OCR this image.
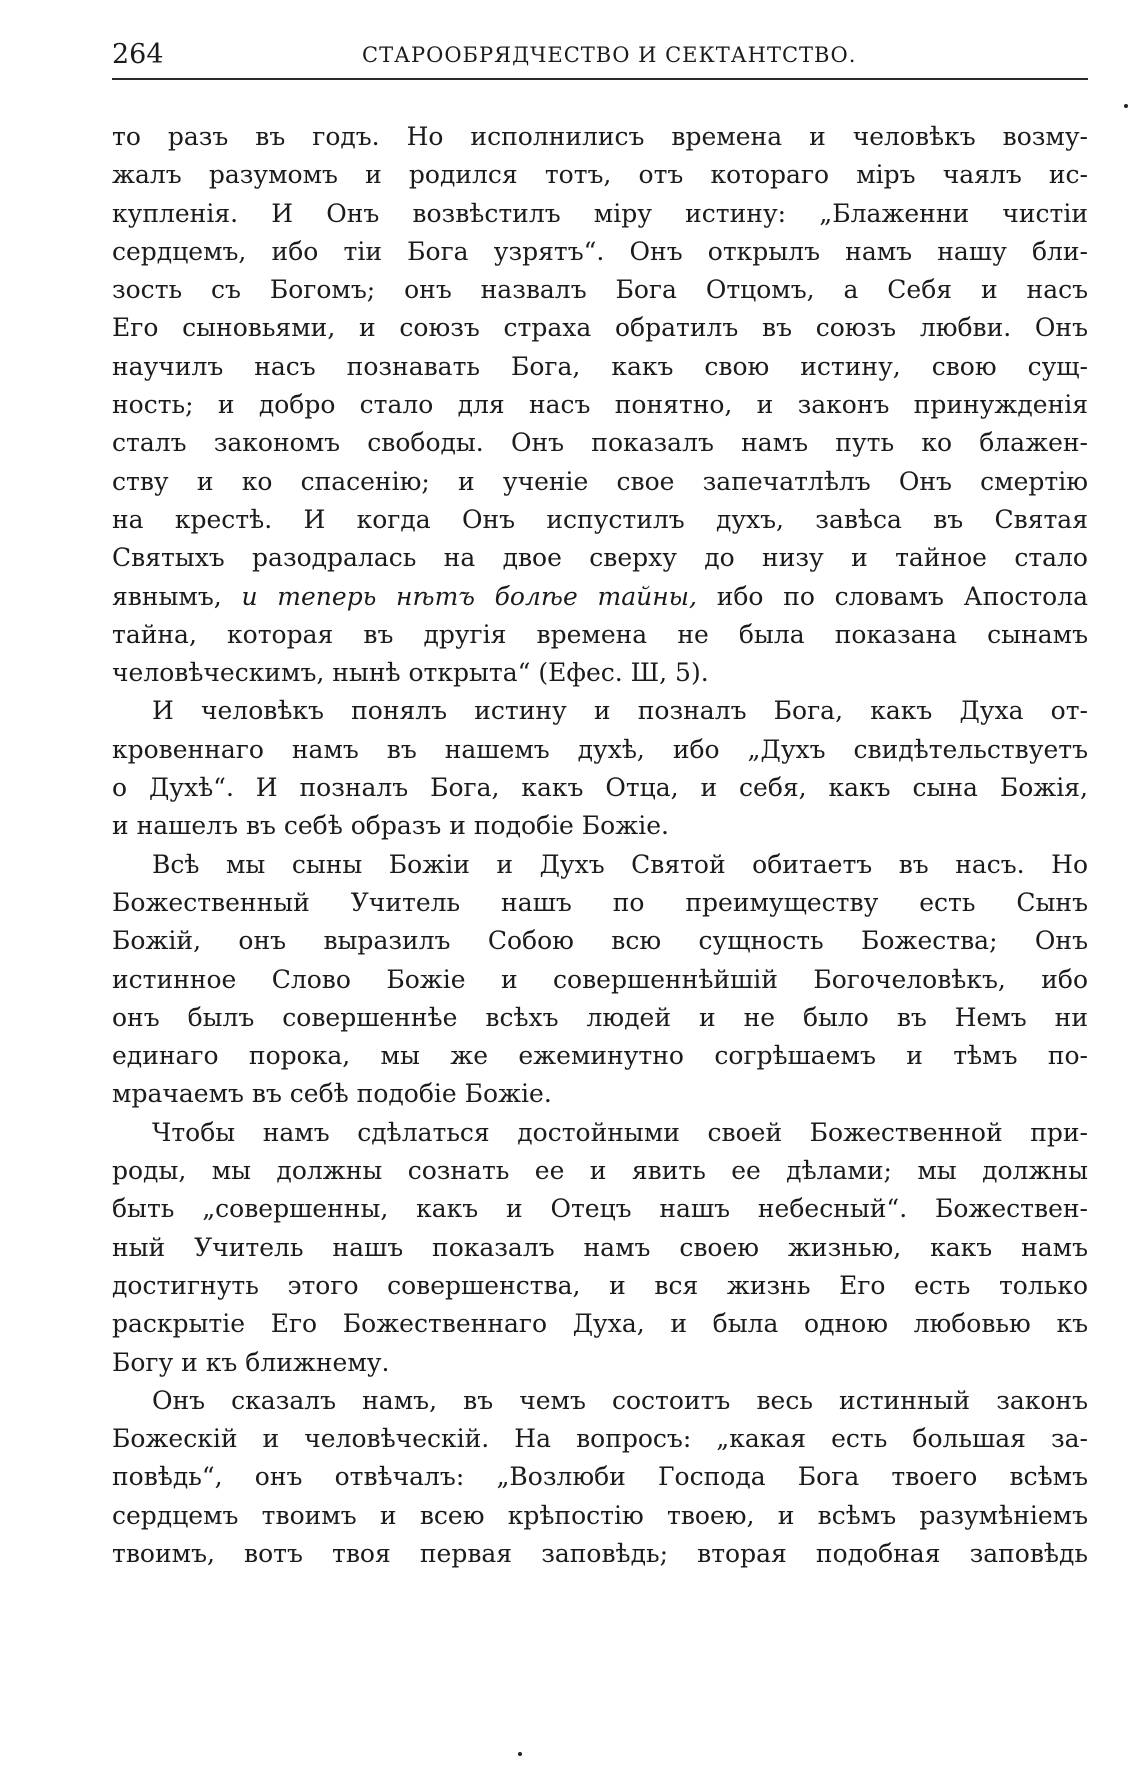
264	СТАРООБРЯДЧЕСТВО И СЕКТАНТСТВО.
то разъ въ годъ. Но исполнилисъ времена и человѣкъ возму-
жалъ разумомъ и родился тотъ, отъ котораго міръ чаялъ ис-
купленія. И Онъ возвѣстилъ міру истину: „Блаженни чистіи
сердцемъ, ибо тіи Бога узрятъ“. Онъ открылъ намъ нашу бли-
зость съ Богомъ; онъ назвалъ Бога Отцомъ, а Себя и насъ
Его сыновьями, и союзъ страха обратилъ въ союзъ любви. Онъ
научилъ насъ познавать Бога, какъ свою истину, свою сущ-
ность; и добро стало для насъ понятно, и законъ принужденія
сталъ закономъ свободы. Онъ показалъ намъ путь ко блажен-
ству и ко спасенію; и ученіе свое запечатлѣлъ Онъ смертію
на крестѣ. И когда Онъ испустилъ духъ, завѣса въ Святая
Святыхъ разодралась на двое сверху до низу и тайное стало
явнымъ, и теперь нѣтъ болѣе тайны, ибо по словамъ Апостола
тайна, которая въ другія времена не была показана сынамъ
человѣческимъ, нынѣ открыта“ (Ефес. Ш, 5).
И человѣкъ понялъ истину и позналъ Бога, какъ Духа от-
кровеннаго намъ въ нашемъ духѣ, ибо „Духъ свидѣтельствуетъ
о Духѣ“. И позналъ Бога, какъ Отца, и себя, какъ сына Божія,
и нашелъ въ себѣ образъ и подобіе Божіе.
Всѣ мы сыны Божіи и Духъ Святой обитаетъ въ насъ. Но
Божественный Учитель нашъ по преимуществу есть Сынъ
Божій, онъ выразилъ Собою всю сущность Божества; Онъ
истинное Слово Божіе и совершеннѣйшій Богочеловѣкъ, ибо
онъ былъ совершеннѣе всѣхъ людей и не было въ Немъ ни
единаго порока, мы же ежеминутно согрѣшаемъ и тѣмъ по-
мрачаемъ въ себѣ подобіе Божіе.
Чтобы намъ сдѣлаться достойными своей Божественной при-
роды, мы должны сознать ее и явить ее дѣлами; мы должны
быть „совершенны, какъ и Отецъ нашъ небесный“. Божествен-
ный Учитель нашъ показалъ намъ своею жизнью, какъ намъ
достигнуть этого совершенства, и вся жизнь Его есть только
раскрытіе Его Божественнаго Духа, и была одною любовью къ
Богу и къ ближнему.
Онъ сказалъ намъ, въ чемъ состоитъ весь истинный законъ
Божескій и человѣческій. На вопросъ: „какая есть большая за-
повѣдь“, онъ отвѣчалъ: „Возлюби Господа Бога твоего всѣмъ
сердцемъ твоимъ и всею крѣпостію твоею, и всѣмъ разумѣніемъ
твоимъ, вотъ твоя первая заповѣдь; вторая подобная заповѣдь
